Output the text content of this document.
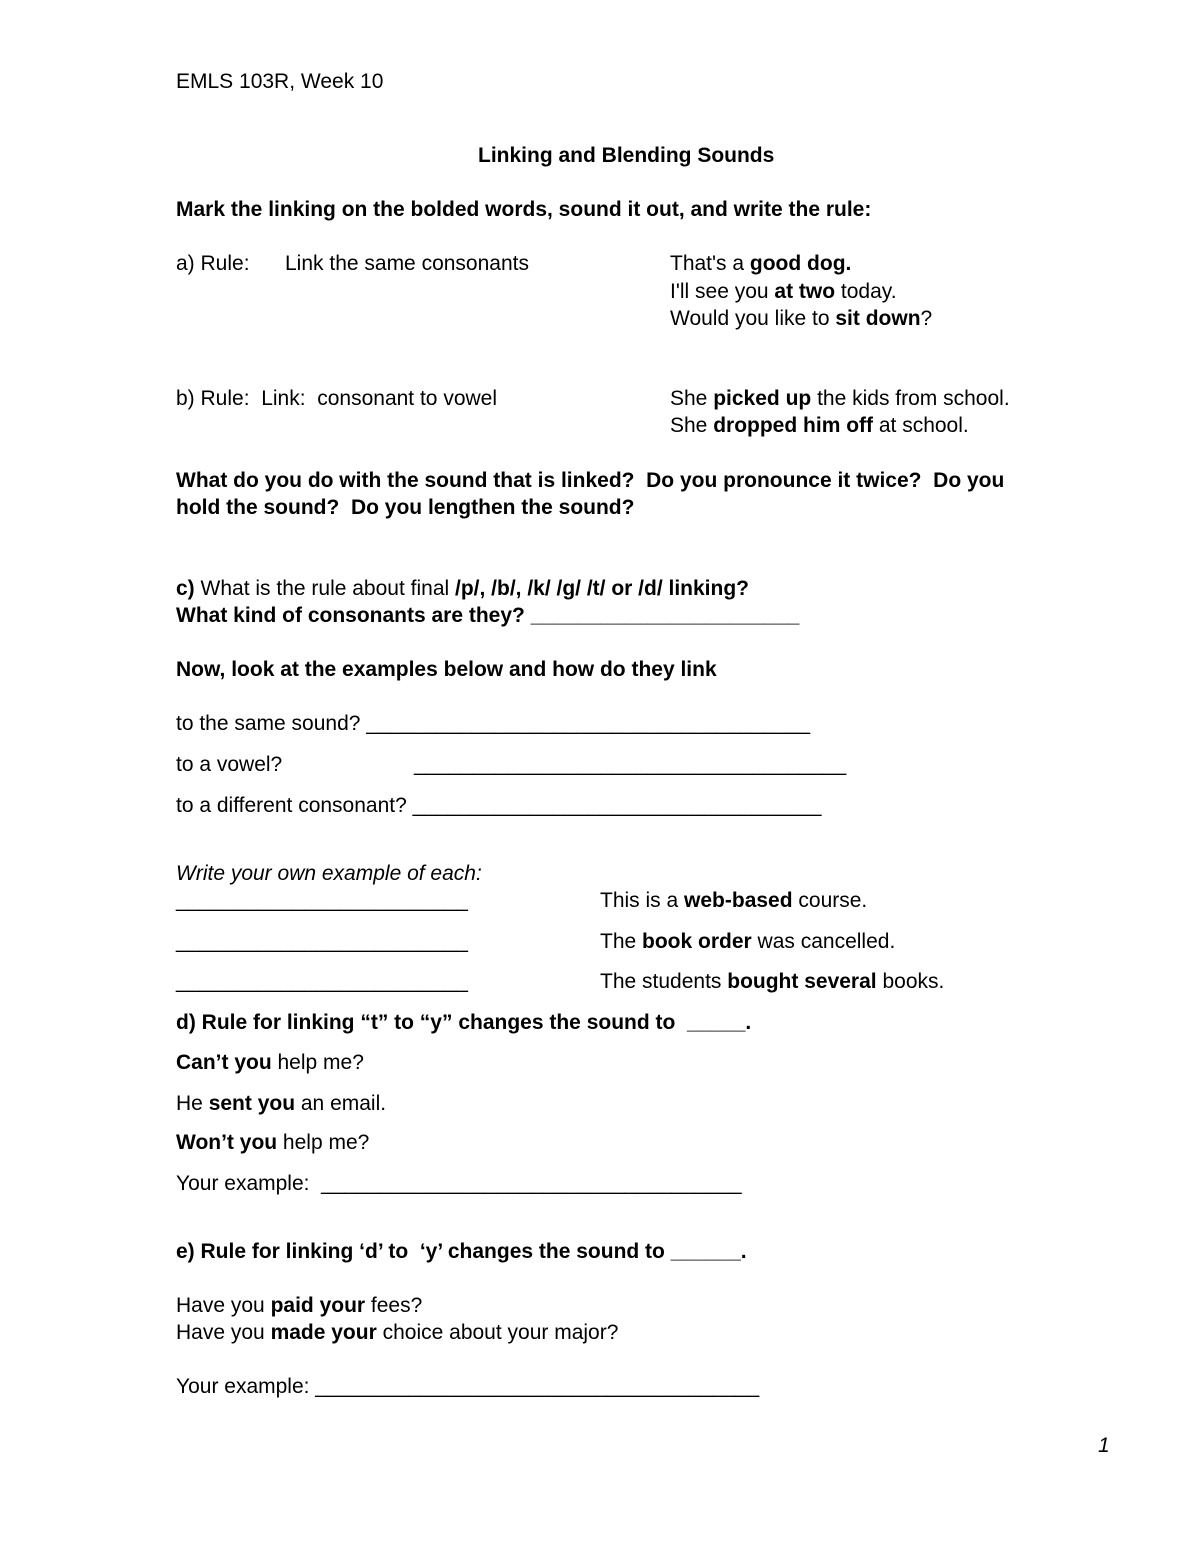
EMLS 103R, Week 10
Linking and Blending Sounds
Mark the linking on the bolded words, sound it out, and write the rule:
a) Rule: Link the same consonants	That's a good dog.
I'll see you at two today.
Would you like to sit down?
b) Rule:  Link:  consonant to vowel	She picked up the kids from school.
She dropped him off at school.
What do you do with the sound that is linked?  Do you pronounce it twice?  Do you
hold the sound?  Do you lengthen the sound?
c) What is the rule about final /p/, /b/, /k/ /g/ /t/ or /d/ linking?
What kind of consonants are they? _______________________
Now, look at the examples below and how do they link
to the same sound? ______________________________________
to a vowel?	_____________________________________
to a different consonant? ___________________________________
Write your own example of each:
_________________________	This is a web-based course.
_________________________	The book order was cancelled.
_________________________	The students bought several books.
d) Rule for linking “t” to “y” changes the sound to  _____.
Can’t you help me?
He sent you an email.
Won’t you help me?
Your example:  ____________________________________
e) Rule for linking ‘d’ to  ‘y’ changes the sound to ______.
Have you paid your fees?
Have you made your choice about your major?
Your example: ______________________________________
1
